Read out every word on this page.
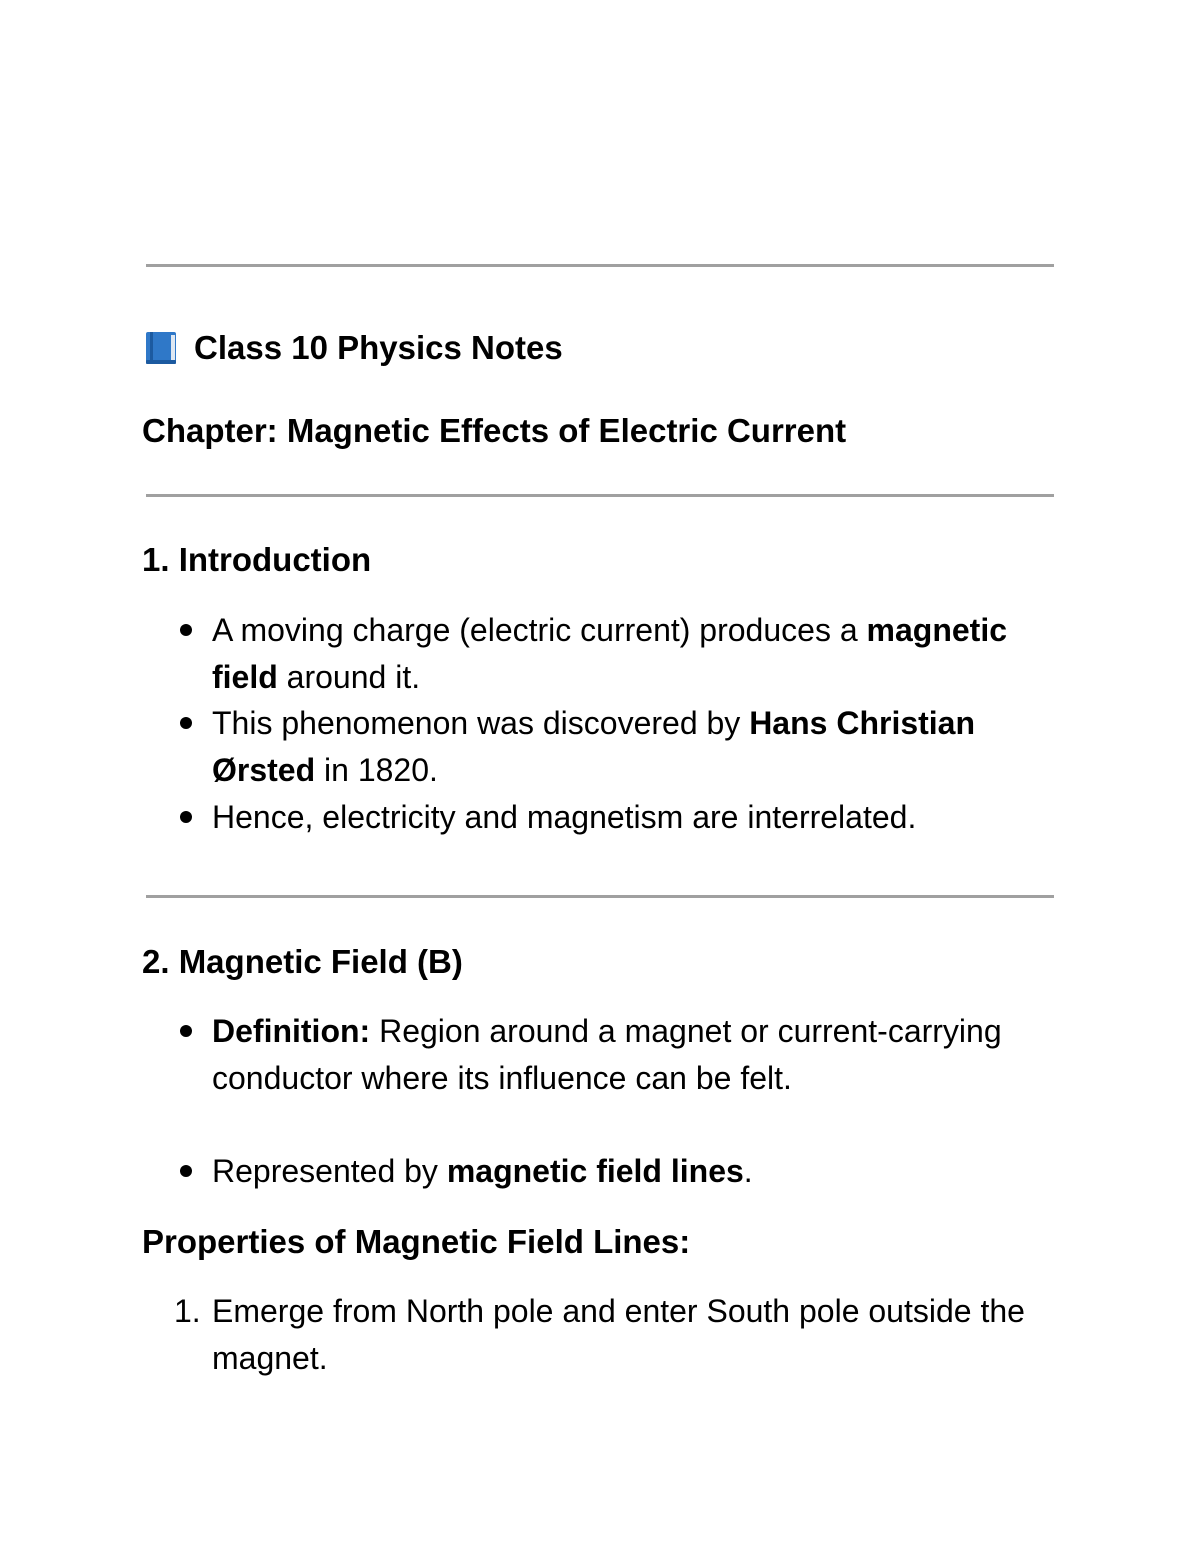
Class 10 Physics Notes
Chapter: Magnetic Effects of Electric Current
1. Introduction
A moving charge (electric current) produces a magnetic field around it.
This phenomenon was discovered by Hans Christian Ørsted in 1820.
Hence, electricity and magnetism are interrelated.
2. Magnetic Field (B)
Definition: Region around a magnet or current-carrying conductor where its influence can be felt.
Represented by magnetic field lines.
Properties of Magnetic Field Lines:
1. Emerge from North pole and enter South pole outside the magnet.
